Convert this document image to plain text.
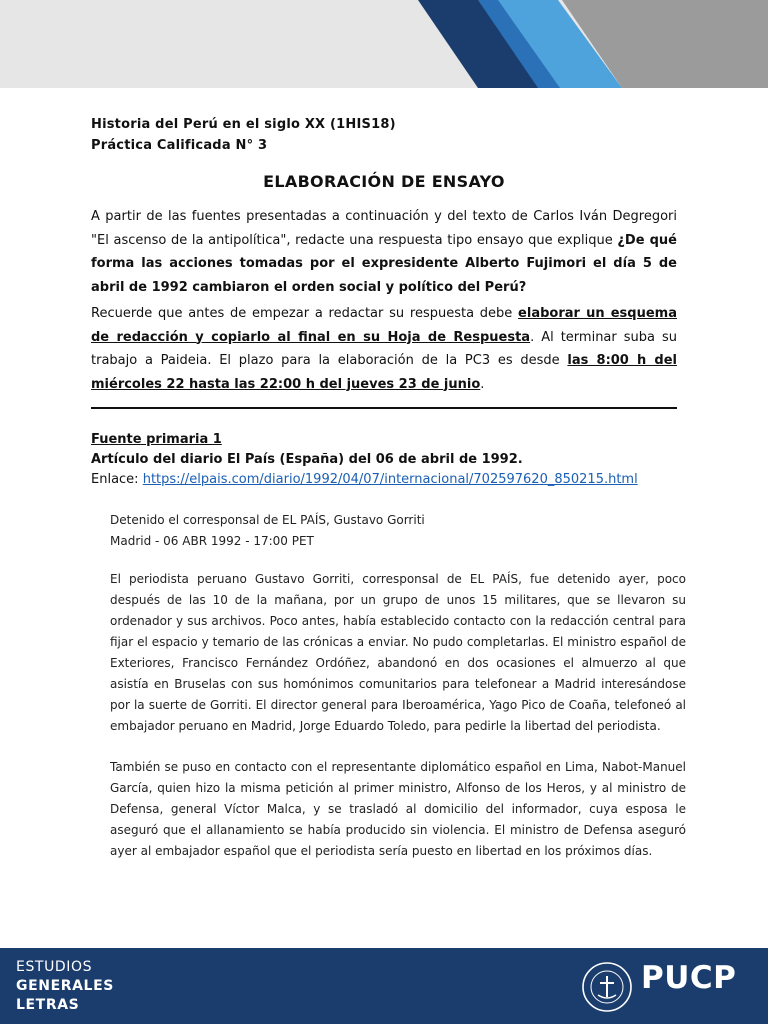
Historia del Perú en el siglo XX (1HIS18)
Práctica Calificada N° 3
ELABORACIÓN DE ENSAYO
A partir de las fuentes presentadas a continuación y del texto de Carlos Iván Degregori "El ascenso de la antipolítica", redacte una respuesta tipo ensayo que explique ¿De qué forma las acciones tomadas por el expresidente Alberto Fujimori el día 5 de abril de 1992 cambiaron el orden social y político del Perú?
Recuerde que antes de empezar a redactar su respuesta debe elaborar un esquema de redacción y copiarlo al final en su Hoja de Respuesta. Al terminar suba su trabajo a Paideia. El plazo para la elaboración de la PC3 es desde las 8:00 h del miércoles 22 hasta las 22:00 h del jueves 23 de junio.
Fuente primaria 1
Artículo del diario El País (España) del 06 de abril de 1992.
Enlace: https://elpais.com/diario/1992/04/07/internacional/702597620_850215.html
Detenido el corresponsal de EL PAÍS, Gustavo Gorriti
Madrid - 06 ABR 1992 - 17:00 PET
El periodista peruano Gustavo Gorriti, corresponsal de EL PAÍS, fue detenido ayer, poco después de las 10 de la mañana, por un grupo de unos 15 militares, que se llevaron su ordenador y sus archivos. Poco antes, había establecido contacto con la redacción central para fijar el espacio y temario de las crónicas a enviar. No pudo completarlas. El ministro español de Exteriores, Francisco Fernández Ordóñez, abandonó en dos ocasiones el almuerzo al que asistía en Bruselas con sus homónimos comunitarios para telefonear a Madrid interesándose por la suerte de Gorriti. El director general para Iberoamérica, Yago Pico de Coaña, telefoneó al embajador peruano en Madrid, Jorge Eduardo Toledo, para pedirle la libertad del periodista.
También se puso en contacto con el representante diplomático español en Lima, Nabot-Manuel García, quien hizo la misma petición al primer ministro, Alfonso de los Heros, y al ministro de Defensa, general Víctor Malca, y se trasladó al domicilio del informador, cuya esposa le aseguró que el allanamiento se había producido sin violencia. El ministro de Defensa aseguró ayer al embajador español que el periodista sería puesto en libertad en los próximos días.
ESTUDIOS
GENERALES
LETRAS
PUCP
